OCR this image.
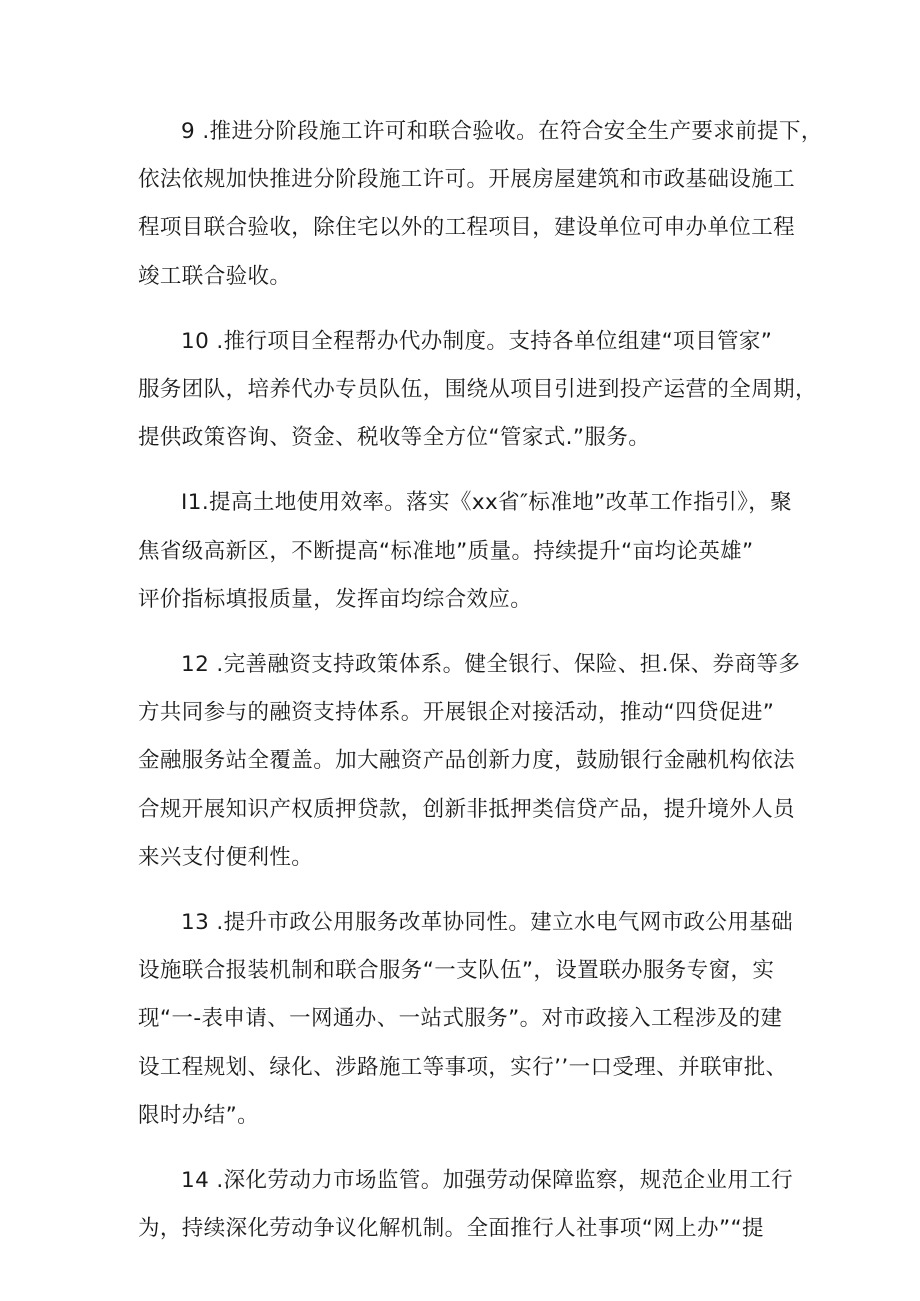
9 .推进分阶段施工许可和联合验收。在符合安全生产要求前提下，
依法依规加快推进分阶段施工许可。开展房屋建筑和市政基础设施工
程项目联合验收，除住宅以外的工程项目，建设单位可申办单位工程
竣工联合验收。
10 .推行项目全程帮办代办制度。支持各单位组建“项目管家”
服务团队，培养代办专员队伍，围绕从项目引进到投产运营的全周期，
提供政策咨询、资金、税收等全方位“管家式.”服务。
I1.提高土地使用效率。落实《xx省″标准地”改革工作指引》，聚
焦省级高新区，不断提高“标准地”质量。持续提升“亩均论英雄”
评价指标填报质量，发挥亩均综合效应。
12 .完善融资支持政策体系。健全银行、保险、担.保、券商等多
方共同参与的融资支持体系。开展银企对接活动，推动“四贷促进”
金融服务站全覆盖。加大融资产品创新力度，鼓励银行金融机构依法
合规开展知识产权质押贷款，创新非抵押类信贷产品，提升境外人员
来兴支付便利性。
13 .提升市政公用服务改革协同性。建立水电气网市政公用基础
设施联合报装机制和联合服务“一支队伍”，设置联办服务专窗，实
现“一-表申请、一网通办、一站式服务”。对市政接入工程涉及的建
设工程规划、绿化、涉路施工等事项，实行’’一口受理、并联审批、
限时办结”。
14 .深化劳动力市场监管。加强劳动保障监察，规范企业用工行
为，持续深化劳动争议化解机制。全面推行人社事项“网上办”“提
